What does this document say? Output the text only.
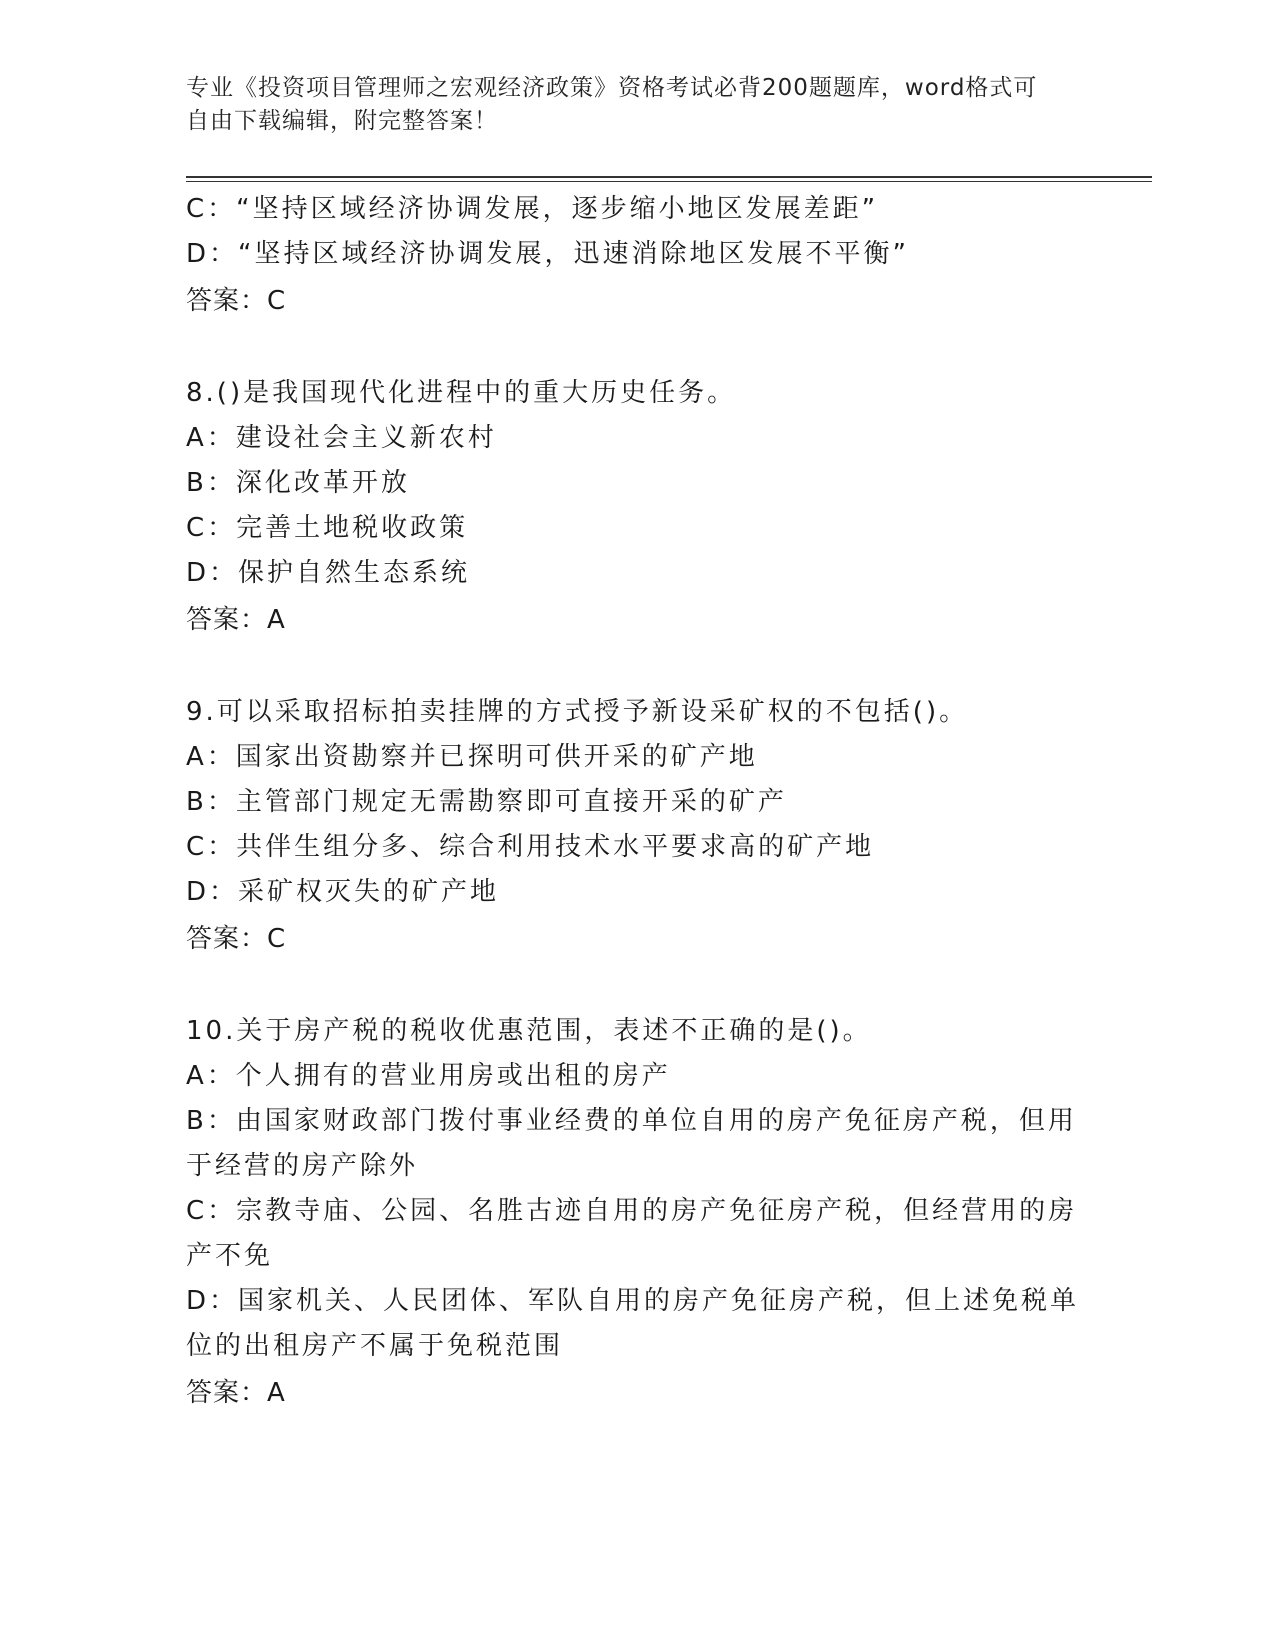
专业《投资项目管理师之宏观经济政策》资格考试必背200题题库，word格式可
自由下载编辑，附完整答案！
C：“坚持区域经济协调发展，逐步缩小地区发展差距”
D：“坚持区域经济协调发展，迅速消除地区发展不平衡”
答案：C
8.()是我国现代化进程中的重大历史任务。
A：建设社会主义新农村
B：深化改革开放
C：完善土地税收政策
D：保护自然生态系统
答案：A
9.可以采取招标拍卖挂牌的方式授予新设采矿权的不包括()。
A：国家出资勘察并已探明可供开采的矿产地
B：主管部门规定无需勘察即可直接开采的矿产
C：共伴生组分多、综合利用技术水平要求高的矿产地
D：采矿权灭失的矿产地
答案：C
10.关于房产税的税收优惠范围，表述不正确的是()。
A：个人拥有的营业用房或出租的房产
B：由国家财政部门拨付事业经费的单位自用的房产免征房产税，但用
于经营的房产除外
C：宗教寺庙、公园、名胜古迹自用的房产免征房产税，但经营用的房
产不免
D：国家机关、人民团体、军队自用的房产免征房产税，但上述免税单
位的出租房产不属于免税范围
答案：A
